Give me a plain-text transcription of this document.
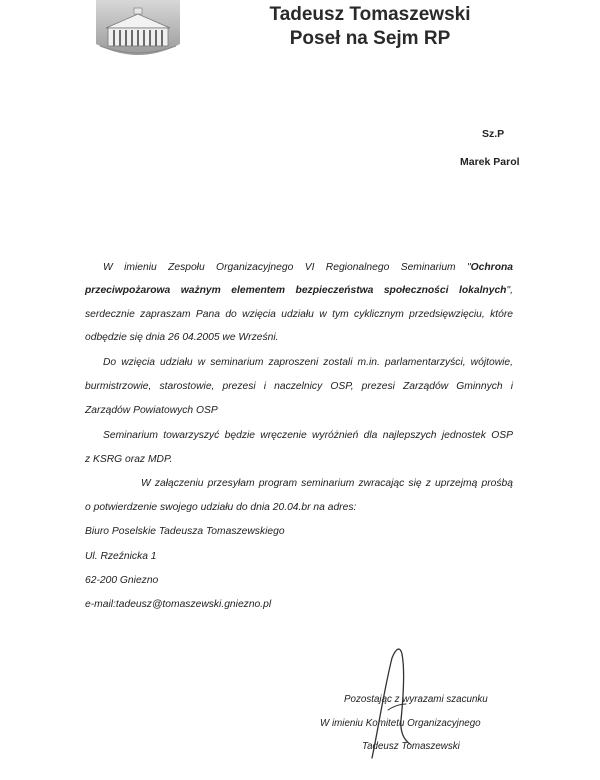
Tadeusz Tomaszewski
Poseł na Sejm RP
Sz.P
Marek Parol
W imieniu Zespołu Organizacyjnego VI Regionalnego Seminarium "Ochrona
przeciwpożarowa ważnym elementem bezpieczeństwa społeczności lokalnych",
serdecznie zapraszam Pana do wzięcia udziału w tym cyklicznym przedsięwzięciu, które
odbędzie się dnia 26 04.2005 we Wrześni.
Do wzięcia udziału w seminarium zaproszeni zostali m.in. parlamentarzyści, wójtowie,
burmistrzowie, starostowie, prezesi i naczelnicy OSP, prezesi Zarządów Gminnych i
Zarządów Powiatowych OSP
Seminarium towarzyszyć będzie wręczenie wyróżnień dla najlepszych jednostek OSP
z KSRG oraz MDP.
W załączeniu przesyłam program seminarium zwracając się z uprzejmą prośbą
o potwierdzenie swojego udziału do dnia 20.04.br na adres:
Biuro Poselskie Tadeusza Tomaszewskiego
Ul. Rzeźnicka 1
62-200 Gniezno
e-mail:tadeusz@tomaszewski.gniezno.pl
Pozostając z wyrazami szacunku
W imieniu Komitetu Organizacyjnego
Tadeusz Tomaszewski
